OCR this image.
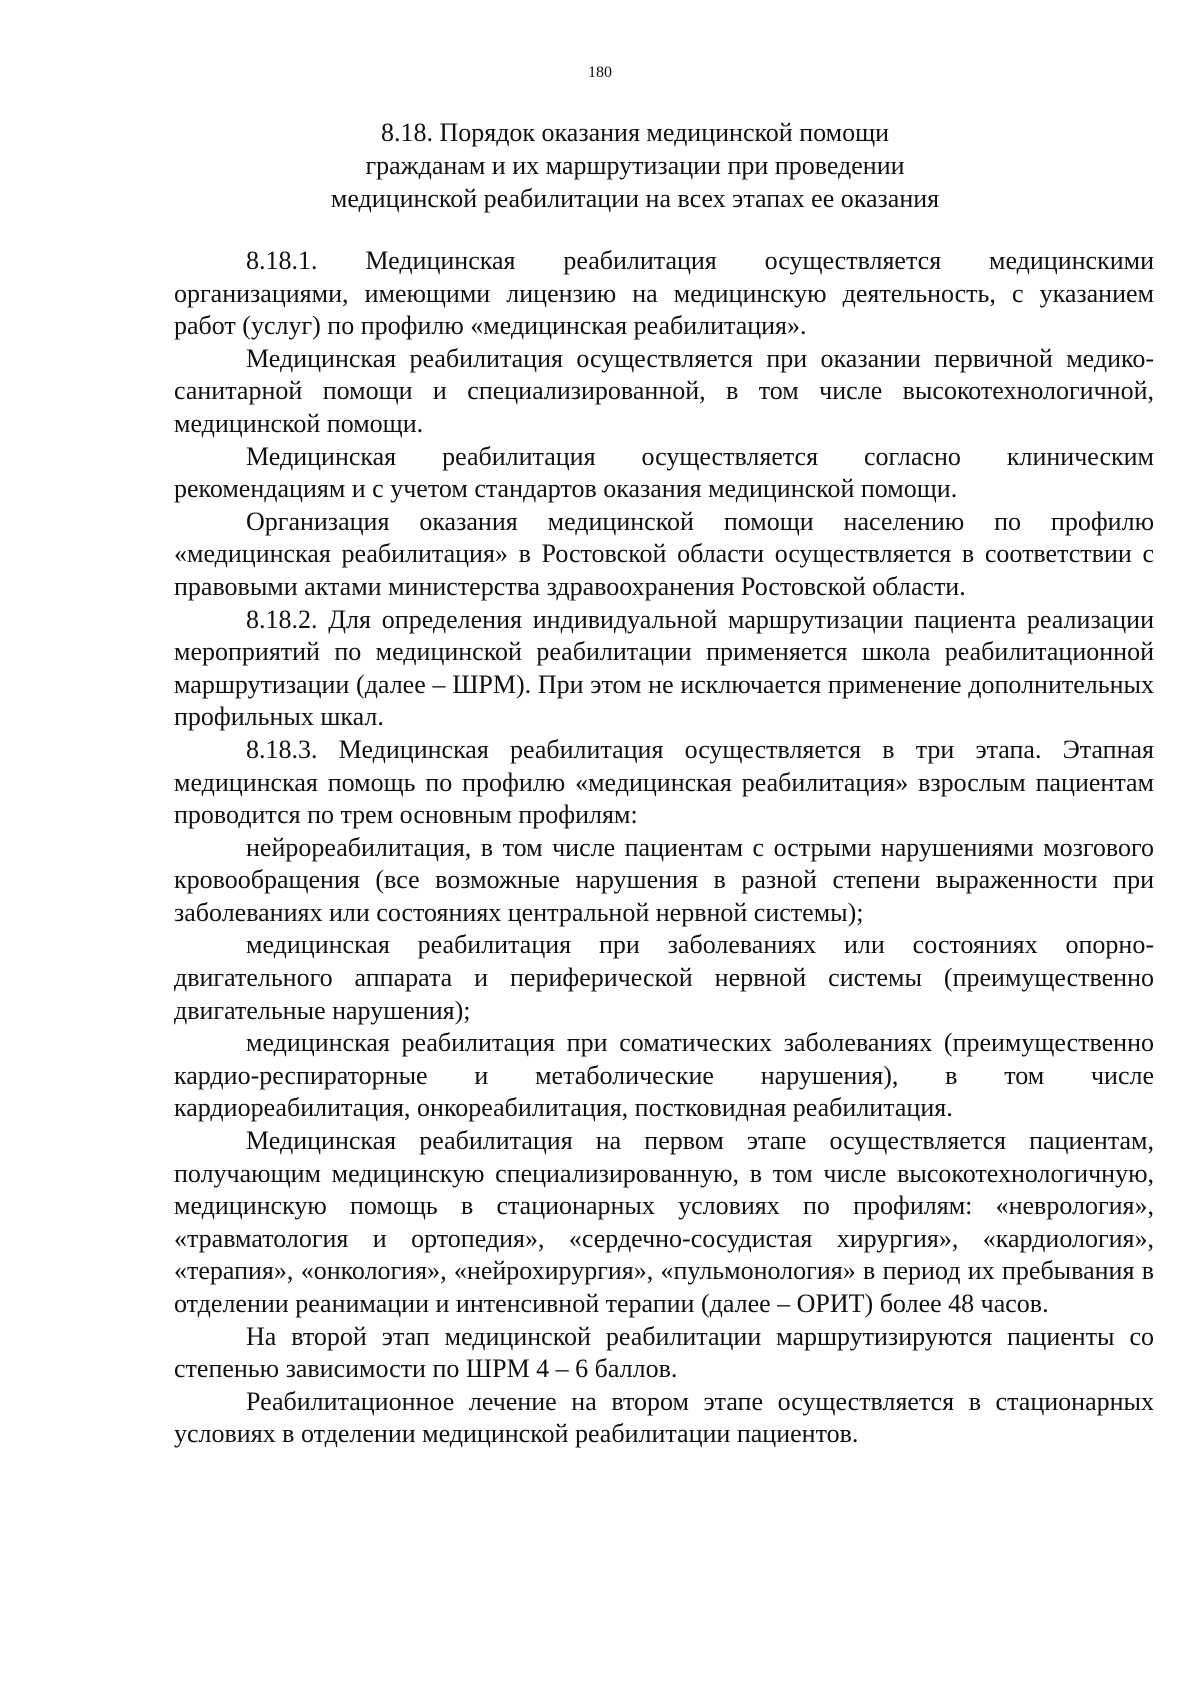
180
8.18. Порядок оказания медицинской помощи
гражданам и их маршрутизации при проведении
медицинской реабилитации на всех этапах ее оказания

8.18.1. Медицинская реабилитация осуществляется медицинскими организациями, имеющими лицензию на медицинскую деятельность, с указанием работ (услуг) по профилю «медицинская реабилитация».

Медицинская реабилитация осуществляется при оказании первичной медико-санитарной помощи и специализированной, в том числе высокотехнологичной, медицинской помощи.

Медицинская реабилитация осуществляется согласно клиническим рекомендациям и с учетом стандартов оказания медицинской помощи.

Организация оказания медицинской помощи населению по профилю «медицинская реабилитация» в Ростовской области осуществляется в соответствии с правовыми актами министерства здравоохранения Ростовской области.

8.18.2. Для определения индивидуальной маршрутизации пациента реализации мероприятий по медицинской реабилитации применяется школа реабилитационной маршрутизации (далее – ШРМ). При этом не исключается применение дополнительных профильных шкал.

8.18.3. Медицинская реабилитация осуществляется в три этапа. Этапная медицинская помощь по профилю «медицинская реабилитация» взрослым пациентам проводится по трем основным профилям:

нейрореабилитация, в том числе пациентам с острыми нарушениями мозгового кровообращения (все возможные нарушения в разной степени выраженности при заболеваниях или состояниях центральной нервной системы);

медицинская реабилитация при заболеваниях или состояниях опорно-двигательного аппарата и периферической нервной системы (преимущественно двигательные нарушения);

медицинская реабилитация при соматических заболеваниях (преимущественно кардио-респираторные и метаболические нарушения), в том числе кардиореабилитация, онкореабилитация, постковидная реабилитация.

Медицинская реабилитация на первом этапе осуществляется пациентам, получающим медицинскую специализированную, в том числе высокотехнологичную, медицинскую помощь в стационарных условиях по профилям: «неврология», «травматология и ортопедия», «сердечно-сосудистая хирургия», «кардиология», «терапия», «онкология», «нейрохирургия», «пульмонология» в период их пребывания в отделении реанимации и интенсивной терапии (далее – ОРИТ) более 48 часов.

На второй этап медицинской реабилитации маршрутизируются пациенты со степенью зависимости по ШРМ 4 – 6 баллов.

Реабилитационное лечение на втором этапе осуществляется в стационарных условиях в отделении медицинской реабилитации пациентов.
